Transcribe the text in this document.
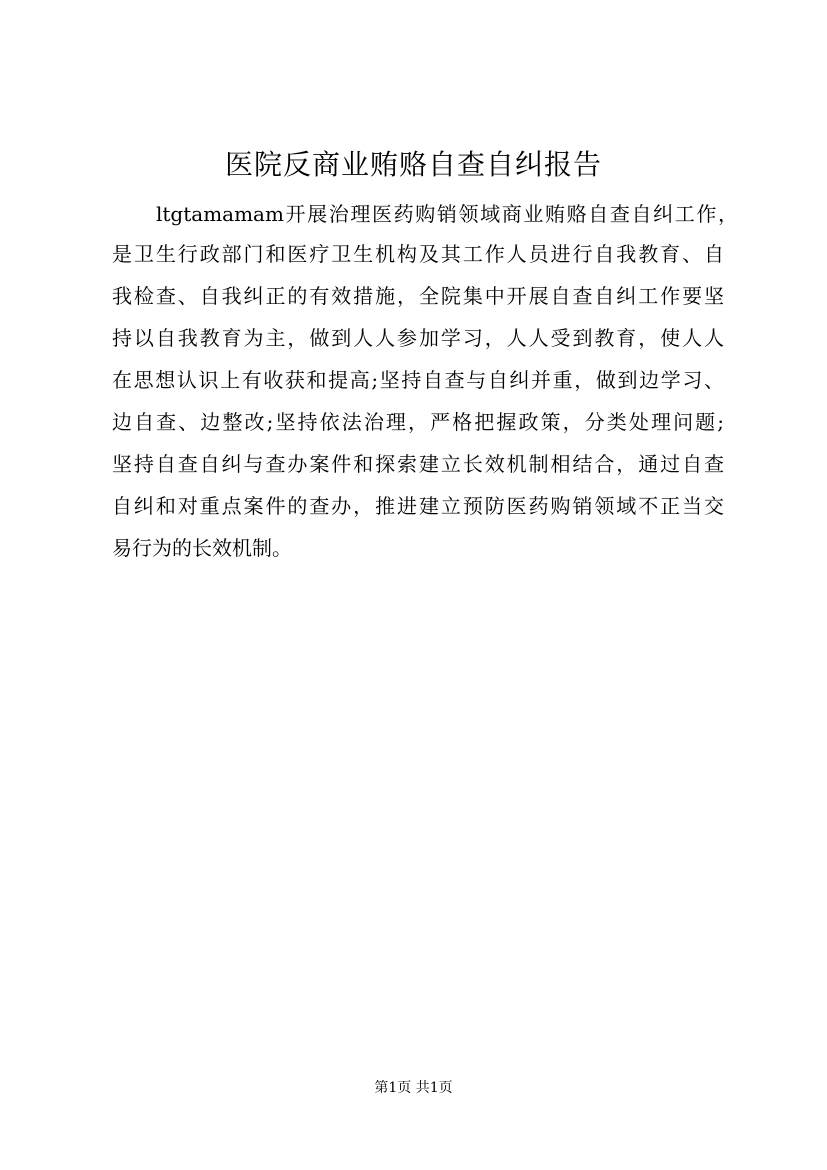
医院反商业贿赂自查自纠报告

ltgtamamam开展治理医药购销领域商业贿赂自查自纠工作，

是卫生行政部门和医疗卫生机构及其工作人员进行自我教育、自

我检查、自我纠正的有效措施，全院集中开展自查自纠工作要坚

持以自我教育为主，做到人人参加学习，人人受到教育，使人人

在思想认识上有收获和提高;坚持自查与自纠并重，做到边学习、

边自查、边整改;坚持依法治理，严格把握政策，分类处理问题;

坚持自查自纠与查办案件和探索建立长效机制相结合，通过自查

自纠和对重点案件的查办，推进建立预防医药购销领域不正当交

易行为的长效机制。

第1页 共1页
